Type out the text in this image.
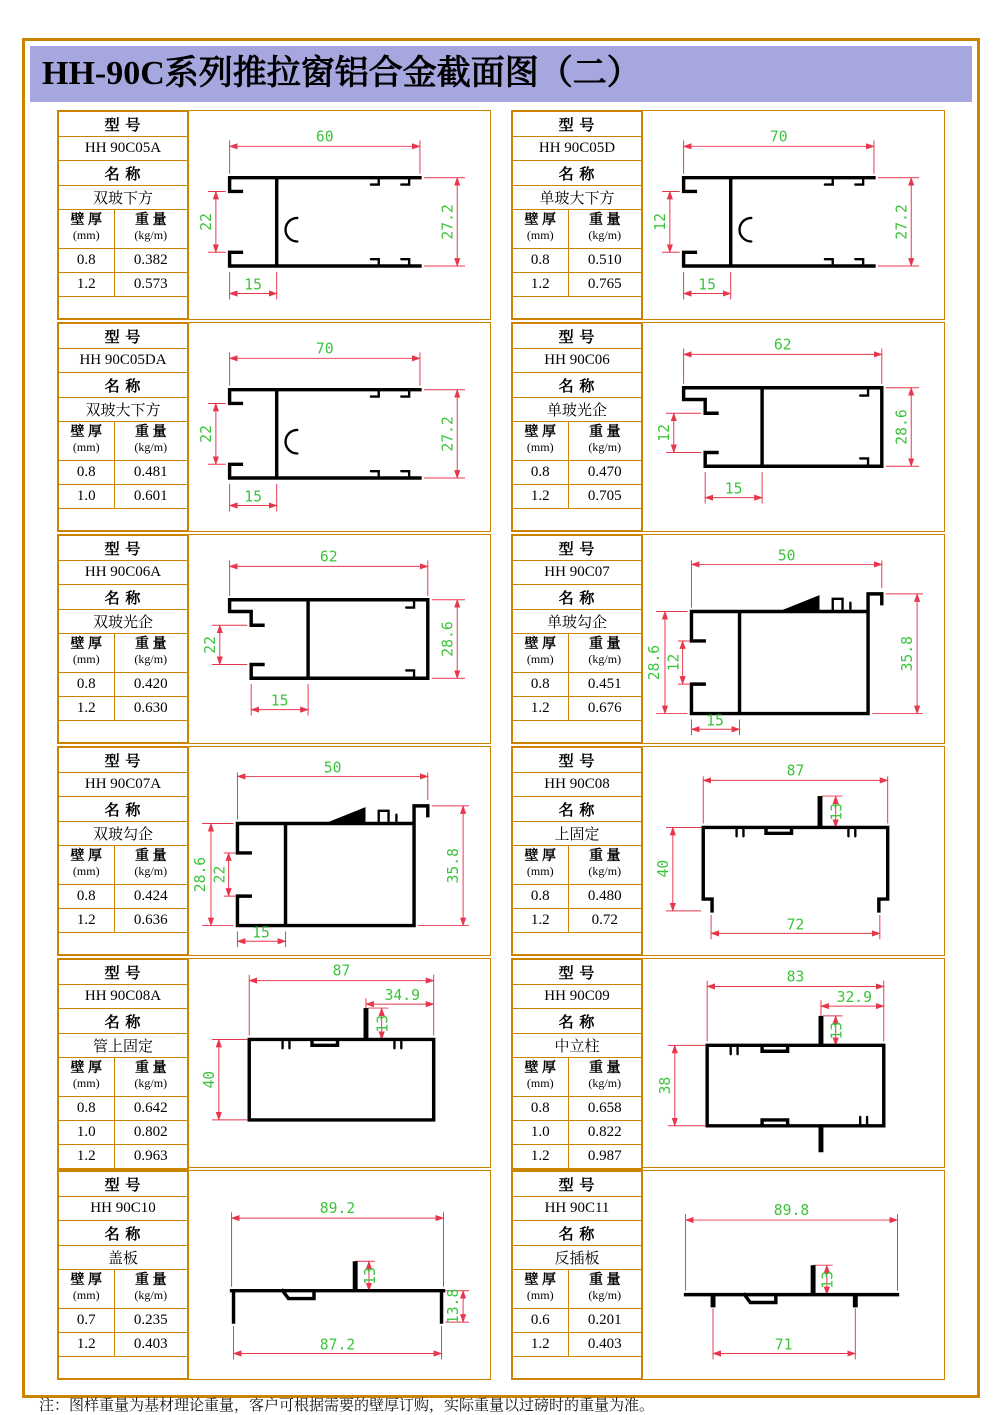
HH-90C系列推拉窗铝合金截面图（二）
型 号	
HH 90C05A	
名 称	
双玻下方	
壁 厚
(mm)	重 量
(kg/m)
0.8	0.382
1.2	0.573

60
22	27.2
15
型 号	
HH 90C05D	
名 称	
单玻大下方	
壁 厚
(mm)	重 量
(kg/m)
0.8	0.510
1.2	0.765

70
12	27.2
15
型 号	
HH 90C05DA	
名 称	
双玻大下方	
壁 厚
(mm)	重 量
(kg/m)
0.8	0.481
1.0	0.601

70
22	27.2
15
型 号	
HH 90C06	
名 称	
单玻光企	
壁 厚
(mm)	重 量
(kg/m)
0.8	0.470
1.2	0.705

62
12	28.6
15
型 号	
HH 90C06A	
名 称	
双玻光企	
壁 厚
(mm)	重 量
(kg/m)
0.8	0.420
1.2	0.630

62
22	28.6
15
型 号	
HH 90C07	
名 称	
单玻勾企	
壁 厚
(mm)	重 量
(kg/m)
0.8	0.451
1.2	0.676

50
28.6 12	35.8
15
型 号	
HH 90C07A	
名 称	
双玻勾企	
壁 厚
(mm)	重 量
(kg/m)
0.8	0.424
1.2	0.636

50
28.6 22	35.8
15
型 号	
HH 90C08	
名 称	
上固定	
壁 厚
(mm)	重 量
(kg/m)
0.8	0.480
1.2	0.72

87
13
40
72
型 号	
HH 90C08A	
名 称	
管上固定	
壁 厚
(mm)	重 量
(kg/m)
0.8	0.642
1.0	0.802
1.2	0.963

87
34.9
13
40
型 号	
HH 90C09	
名 称	
中立柱	
壁 厚
(mm)	重 量
(kg/m)
0.8	0.658
1.0	0.822
1.2	0.987

83
32.9
13
38
型 号	
HH 90C10	
名 称	
盖板	
壁 厚
(mm)	重 量
(kg/m)
0.7	0.235
1.2	0.403

89.2
13
13.8
87.2
型 号	
HH 90C11	
名 称	
反插板	
壁 厚
(mm)	重 量
(kg/m)
0.6	0.201
1.2	0.403

89.8
13
71
注：图样重量为基材理论重量，客户可根据需要的壁厚订购，实际重量以过磅时的重量为准。
